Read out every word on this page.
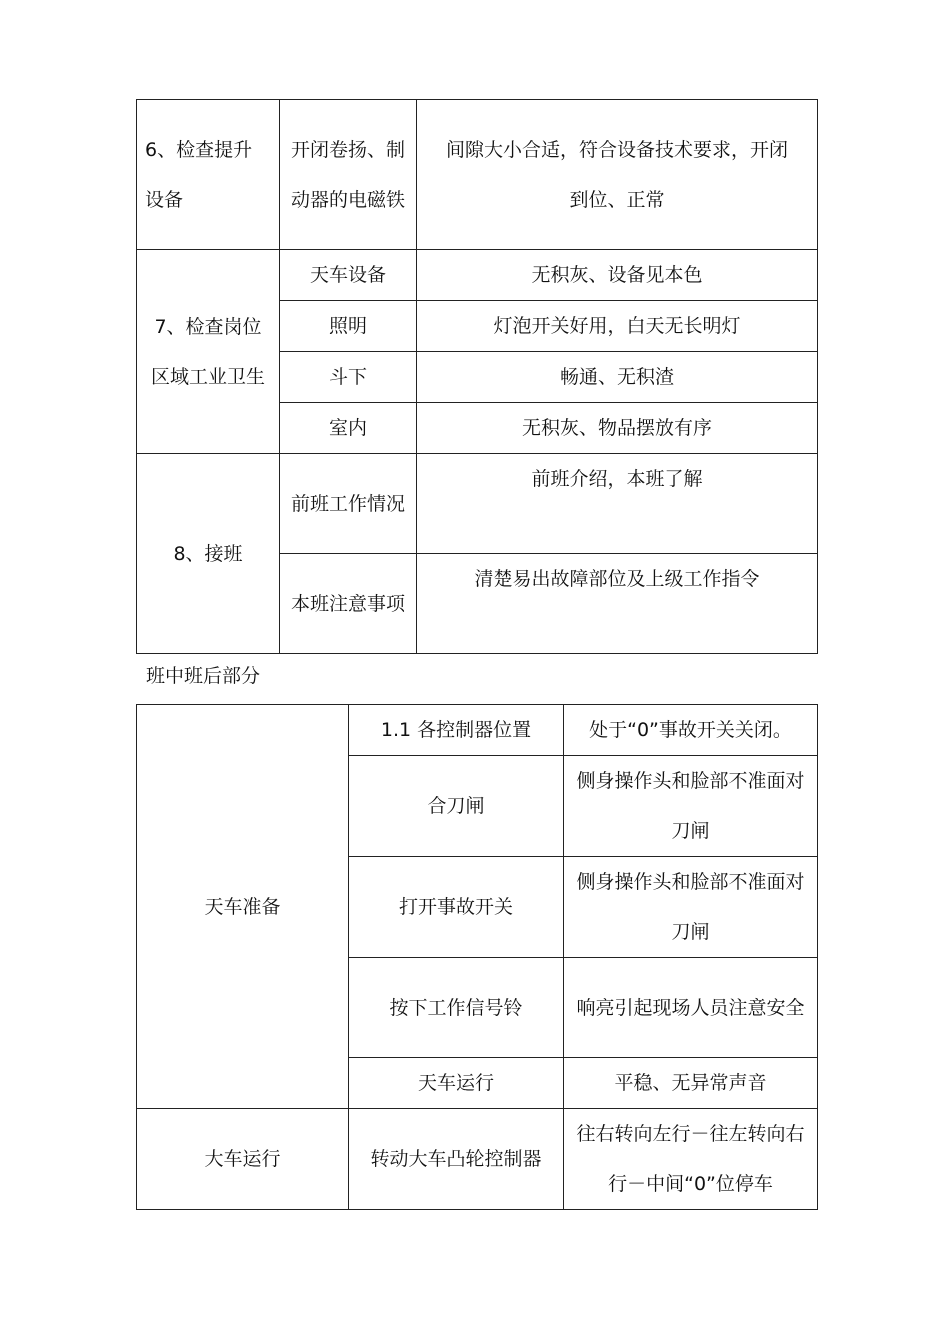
6、检查提升设备	开闭卷扬、制动器的电磁铁	间隙大小合适，符合设备技术要求，开闭
到位、正常

7、检查岗位区域工业卫生	天车设备	无积灰、设备见本色
	照明	灯泡开关好用，白天无长明灯
	斗下	畅通、无积渣
	室内	无积灰、物品摆放有序
8、接班	前班工作情况	前班介绍，本班了解
	本班注意事项	清楚易出故障部位及上级工作指令
班中班后部分
天车准备	1.1 各控制器位置	处于“0”事故开关关闭。
	合刀闸	侧身操作头和脸部不准面对刀闸
	打开事故开关	侧身操作头和脸部不准面对刀闸
	按下工作信号铃	响亮引起现场人员注意安全
	天车运行	平稳、无异常声音
大车运行	转动大车凸轮控制器	往右转向左行－往左转向右行－中间“0”位停车
